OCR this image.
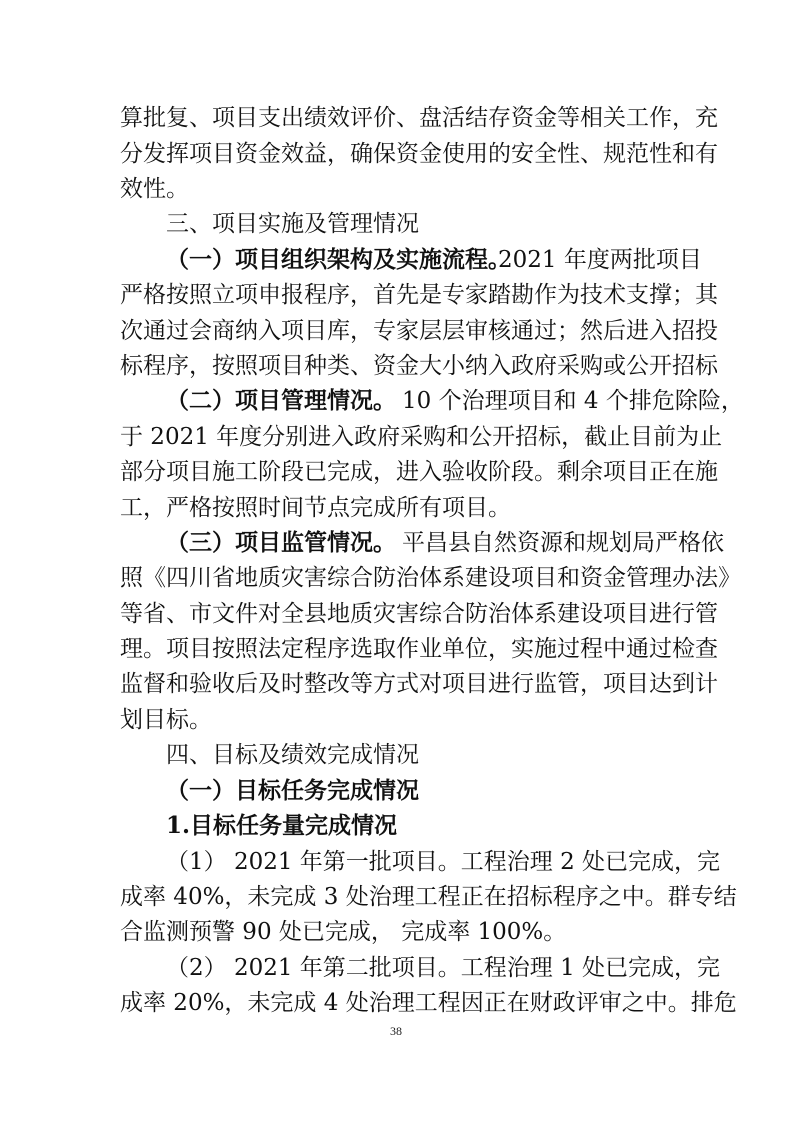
算批复、项目支出绩效评价、盘活结存资金等相关工作，充
分发挥项目资金效益，确保资金使用的安全性、规范性和有
效性。
三、项目实施及管理情况
（一）项目组织架构及实施流程。
2021 年度两批项目
严格按照立项申报程序，首先是专家踏勘作为技术支撑；其
次通过会商纳入项目库，专家层层审核通过；然后进入招投
标程序，按照项目种类、资金大小纳入政府采购或公开招标
（二）项目管理情况。 10 个治理项目和 4 个排危除险，
于 2021 年度分别进入政府采购和公开招标，截止目前为止
部分项目施工阶段已完成，进入验收阶段。剩余项目正在施
工，严格按照时间节点完成所有项目。
（三）项目监管情况。 平昌县自然资源和规划局严格依
照《四川省地质灾害综合防治体系建设项目和资金管理办法》
等省、市文件对全县地质灾害综合防治体系建设项目进行管
理。项目按照法定程序选取作业单位，实施过程中通过检查
监督和验收后及时整改等方式对项目进行监管，项目达到计
划目标。
四、目标及绩效完成情况
（一）目标任务完成情况
1.目标任务量完成情况
（1） 2021 年第一批项目。工程治理 2 处已完成，完
成率 40%，未完成 3 处治理工程正在招标程序之中。群专结
合监测预警 90 处已完成， 完成率 100%。
（2） 2021 年第二批项目。工程治理 1 处已完成，完
成率 20%，未完成 4 处治理工程因正在财政评审之中。排危
38
